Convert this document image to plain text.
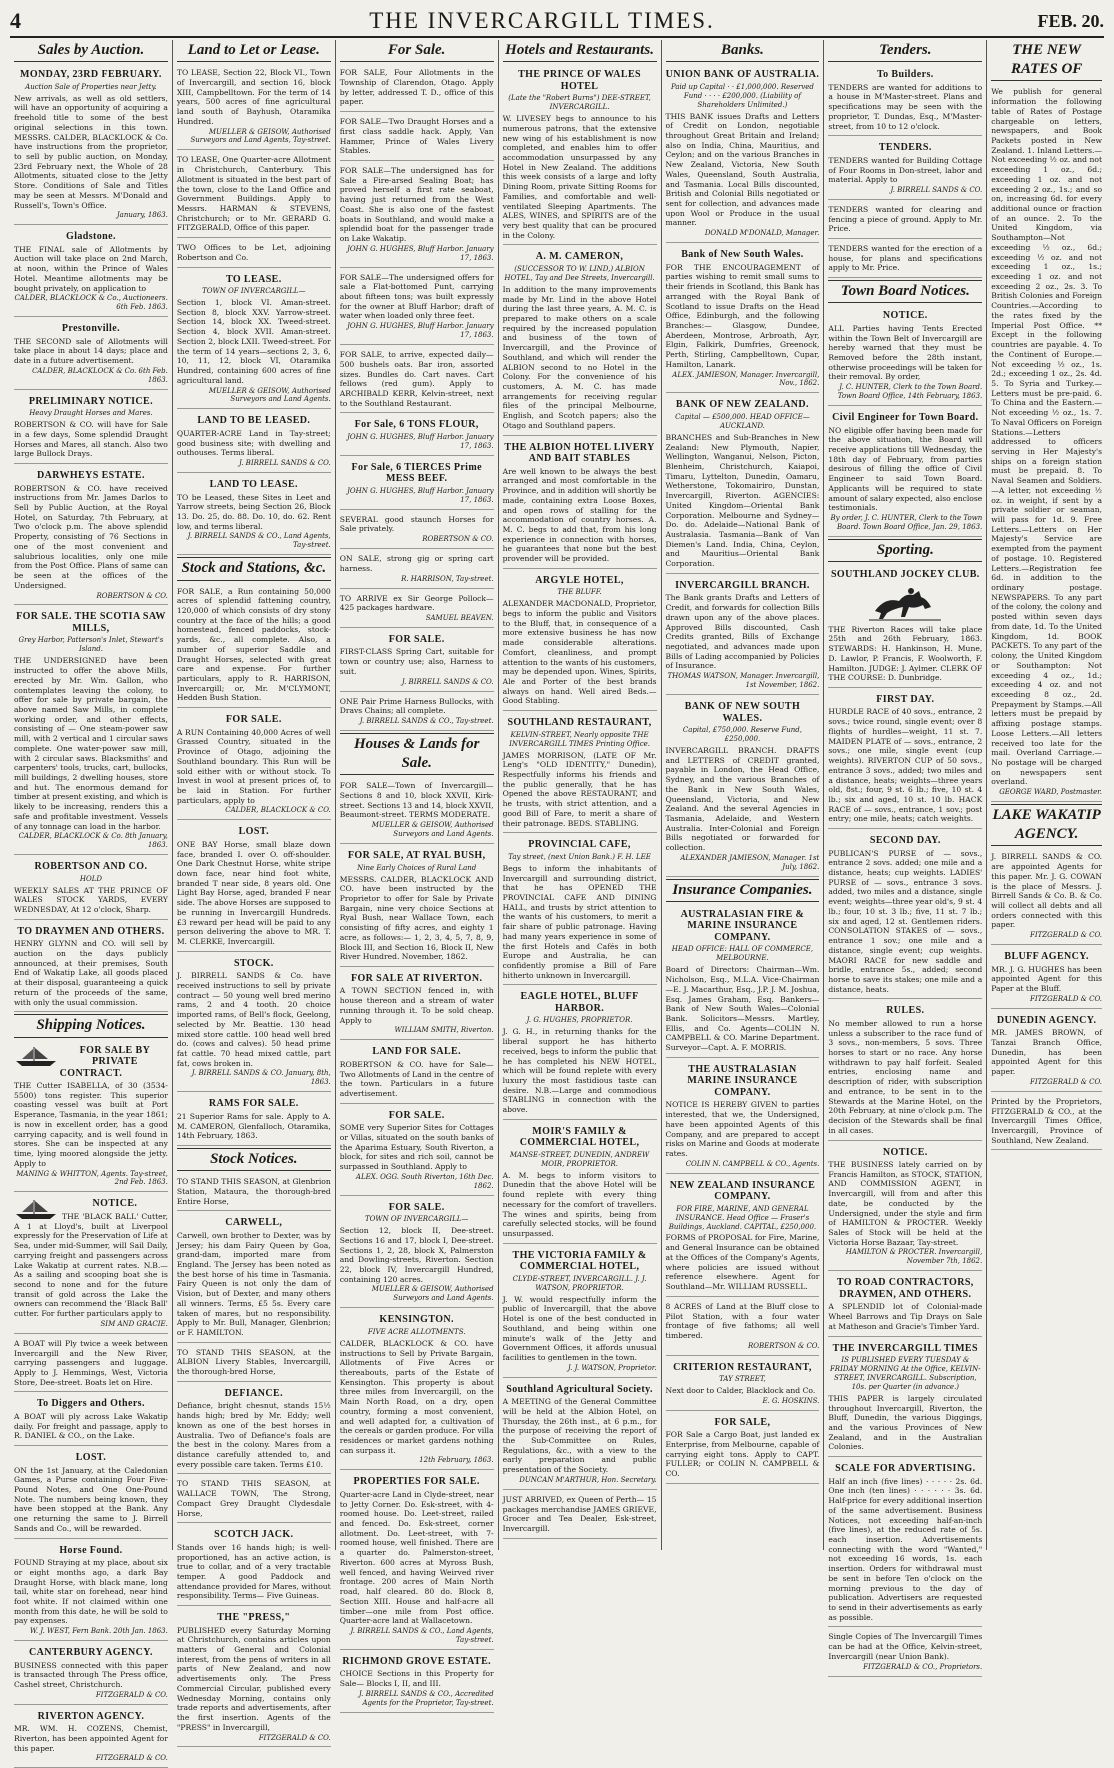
4	THE INVERCARGILL TIMES.	FEB. 20.
Sales by Auction.
MONDAY, 23RD FEBRUARY.
Auction Sale of Properties near Jetty.
New arrivals, as well as old settlers, will have an opportunity of acquiring a freehold title to some of the best original selections in this town. MESSRS. CALDER, BLACKLOCK & Co. have instructions from the proprietor, to sell by public auction, on Monday, 23rd February next, the Whole of 28 Allotments, situated close to the Jetty Store. Conditions of Sale and Titles may be seen at Messrs. M'Donald and Russell's, Town's Office.
January, 1863.
Gladstone.
THE FINAL sale of Allotments by Auction will take place on 2nd March, at noon, within the Prince of Wales Hotel. Meantime allotments may be bought privately, on application to
CALDER, BLACKLOCK & Co., Auctioneers. 6th Feb. 1863.
Prestonville.
THE SECOND sale of Allotments will take place in about 14 days; place and date in a future advertisement.
CALDER, BLACKLOCK & Co. 6th Feb. 1863.
PRELIMINARY NOTICE.
Heavy Draught Horses and Mares.
ROBERTSON & CO. will have for Sale in a few days, Some splendid Draught Horses and Mares, all stanch. Also two large Bullock Drays.
DARWHEYS ESTATE.
ROBERTSON & CO. have received instructions from Mr. James Darlos to Sell by Public Auction, at the Royal Hotel, on Saturday, 7th February, at Two o'clock p.m. The above splendid Property, consisting of 76 Sections in one of the most convenient and salubrious localities, only one mile from the Post Office. Plans of same can be seen at the offices of the Undersigned.
ROBERTSON & CO.
FOR SALE. THE SCOTIA SAW MILLS,
Grey Harbor, Patterson's Inlet, Stewart's Island.
THE UNDERSIGNED have been instructed to offer the above Mills, erected by Mr. Wm. Gallon, who contemplates leaving the colony, to offer for sale by private bargain, the above named Saw Mills, in complete working order, and other effects, consisting of — One steam-power saw mill, with 2 vertical and 1 circular saws complete. One water-power saw mill, with 2 circular saws. Blacksmiths' and carpenters' tools, trucks, cart, bullocks, mill buildings, 2 dwelling houses, store and hut. The enormous demand for timber at present existing, and which is likely to be increasing, renders this a safe and profitable investment. Vessels of any tonnage can load in the harbor.
CALDER, BLACKLOCK & Co. 8th January, 1863.
ROBERTSON AND CO.
HOLD
WEEKLY SALES AT THE PRINCE OF WALES STOCK YARDS, EVERY WEDNESDAY, At 12 o'clock, Sharp.
TO DRAYMEN AND OTHERS.
HENRY GLYNN and CO. will sell by auction on the days publicly announced, at their premises, South End of Wakatip Lake, all goods placed at their disposal, guaranteeing a quick return of the proceeds of the same, with only the usual commission.
Shipping Notices.
FOR SALE BY PRIVATE CONTRACT.
THE Cutter ISABELLA, of 30 (3534-5500) tons register. This superior coasting vessel was built at Port Esperance, Tasmania, in the year 1861; is now in excellent order, has a good carrying capacity, and is well found in stores. She can be inspected at any time, lying moored alongside the jetty. Apply to
MANING & WHITTON, Agents. Tay-street, 2nd Feb. 1863.
NOTICE.
THE 'BLACK BALL' Cutter, A 1 at Lloyd's, built at Liverpool expressly for the Preservation of Life at Sea, under mid-Summer, will Sail Daily, carrying freight and passengers across Lake Wakatip at current rates. N.B.— As a sailing and scooping boat she is second to none and for the future transit of gold across the Lake the owners can recommend the 'Black Ball' cutter. For further particulars apply to
SIM AND GRACIE.
A BOAT will Ply twice a week between Invercargill and the New River, carrying passengers and luggage. Apply to J. Hemmings, West, Victoria Store, Dee-street. Boats let on Hire.
To Diggers and Others.
A BOAT will ply across Lake Wakatip daily. For freight and passage, apply to R. DANIEL & CO., on the Lake.
LOST.
ON the 1st January, at the Caledonian Games, a Purse containing Four Five-Pound Notes, and One One-Pound Note. The numbers being known, they have been stopped at the Bank. Any one returning the same to J. Birrell Sands and Co., will be rewarded.
Horse Found.
FOUND Straying at my place, about six or eight months ago, a dark Bay Draught Horse, with black mane, long tail, white star on forehead, near hind foot white. If not claimed within one month from this date, he will be sold to pay expenses.
W. J. WEST, Fern Bank. 20th Jan. 1863.
CANTERBURY AGENCY.
BUSINESS connected with this paper is transacted through The Press office, Cashel street, Christchurch.
FITZGERALD & CO.
RIVERTON AGENCY.
MR. WM. H. COZENS, Chemist, Riverton, has been appointed Agent for this paper.
FITZGERALD & CO.
Land to Let or Lease.
TO LEASE, Section 22, Block VI., Town of Invercargill, and section 16, block XIII, Campbelltown. For the term of 14 years, 500 acres of fine agricultural land south of Bayhush, Otaramika Hundred.
MUELLER & GEISOW, Authorised Surveyors and Land Agents, Tay-street.
TO LEASE, One Quarter-acre Allotment in Christchurch, Canterbury. This Allotment is situated in the best part of the town, close to the Land Office and Government Buildings. Apply to Messrs. HARMAN & STEVENS, Christchurch; or to Mr. GERARD G. FITZGERALD, Office of this paper.
TWO Offices to be Let, adjoining Robertson and Co.
TO LEASE.
TOWN OF INVERCARGILL—
Section 1, block VI. Aman-street. Section 8, block XXV. Yarrow-street. Section 14, block XX. Tweed-street. Section 4, block XVII. Aman-street. Section 2, block LXII. Tweed-street. For the term of 14 years—sections 2, 3, 6, 10, 11, 12, block VI, Otaramika Hundred, containing 600 acres of fine agricultural land.
MUELLER & GEISOW, Authorised Surveyors and Land Agents.
LAND TO BE LEASED.
QUARTER-ACRE Land in Tay-street; good business site; with dwelling and outhouses. Terms liberal.
J. BIRRELL SANDS & CO.
LAND TO LEASE.
TO be Leased, these Sites in Leet and Yarrow streets, being Section 26, Block 13. Do. 25, do. 88. Do. 10, do. 62. Rent low, and terms liberal.
J. BIRRELL SANDS & CO., Land Agents, Tay-street.
Stock and Stations, &c.
FOR SALE, a Run containing 50,000 acres of splendid fattening country, 120,000 of which consists of dry stony country at the face of the hills; a good homestead, fenced paddocks, stock-yards, &c., all complete. Also, a number of superior Saddle and Draught Horses, selected with great care and expense. For further particulars, apply to R. HARRISON, Invercargill; or, Mr. M'CLYMONT, Hedden Bush Station.
FOR SALE.
A RUN Containing 40,000 Acres of well Grassed Country, situated in the Province of Otago, adjoining the Southland boundary. This Run will be sold either with or without stock. To Invest in wool at present prices of, to be laid in Station. For further particulars, apply to
CALDER, BLACKLOCK & CO.
LOST.
ONE BAY Horse, small blaze down face, branded I. over O. off-shoulder. One Dark Chestnut Horse, white stripe down face, near hind foot white, branded T near side, 8 years old. One Light Bay Horse, aged, branded F near side. The above Horses are supposed to be running in Invercargill Hundreds. £3 reward per head will be paid to any person delivering the above to MR. T. M. CLERKE, Invercargill.
STOCK.
J. BIRRELL SANDS & Co. have received instructions to sell by private contract — 50 young well bred merino rams, 2 and 4 tooth. 20 choice imported rams, of Bell's flock, Geelong, selected by Mr. Beattie. 130 head mixed store cattle. 100 head well bred do. (cows and calves). 50 head prime fat cattle. 70 head mixed cattle, part fat, cows broken in.
J. BIRRELL SANDS & CO. January, 8th, 1863.
RAMS FOR SALE.
21 Superior Rams for sale. Apply to A. M. CAMERON, Glenfalloch, Otaramika, 14th February, 1863.
Stock Notices.
TO STAND THIS SEASON, at Glenbrion Station, Mataura, the thorough-bred Entire Horse,
CARWELL,
Carwell, own brother to Dexter, was by Jersey; his dam Fairy Queen by Goa, grand-dam, imported mare from England. The Jersey has been noted as the best horse of his time in Tasmania. Fairy Queen is not only the dam of Vision, but of Dexter, and many others all winners. Terms, £5 5s. Every care taken of mares, but no responsibility. Apply to Mr. Bull, Manager, Glenbrion; or F. HAMILTON.
TO STAND THIS SEASON, at the ALBION Livery Stables, Invercargill, the thorough-bred Horse,
DEFIANCE.
Defiance, bright chesnut, stands 15½ hands high; bred by Mr. Eddy; well known as one of the best horses in Australia. Two of Defiance's foals are the best in the colony. Mares from a distance carefully attended to, and every possible care taken. Terms £10.
TO STAND THIS SEASON, at WALLACE TOWN, The Strong, Compact Grey Draught Clydesdale Horse,
SCOTCH JACK.
Stands over 16 hands high; is well-proportioned, has an active action, is true to collar, and of a very tractable temper. A good Paddock and attendance provided for Mares, without responsibility. Terms— Five Guineas.
THE "PRESS,"
PUBLISHED every Saturday Morning at Christchurch, contains articles upon matters of General and Colonial interest, from the pens of writers in all parts of New Zealand, and now advertisements only. The Press Commercial Circular, published every Wednesday Morning, contains only trade reports and advertisements, after the first insertion. Agents of the "PRESS" in Invercargill,
FITZGERALD & CO.
For Sale.
FOR SALE, Four Allotments in the Township of Clarendon, Otago. Apply by letter, addressed T. D., office of this paper.
FOR SALE—Two Draught Horses and a first class saddle hack. Apply, Van Hammer, Prince of Wales Livery Stables.
FOR SALE—The undersigned has for Sale a Fire-arsed Sealing Boat; has proved herself a first rate seaboat, having just returned from the West Coast. She is also one of the fastest boats in Southland, and would make a splendid boat for the passenger trade on Lake Wakatip.
JOHN G. HUGHES, Bluff Harbor. January 17, 1863.
FOR SALE—The undersigned offers for sale a Flat-bottomed Punt, carrying about fifteen tons; was built expressly for the owner at Bluff Harbor; draft of water when loaded only three feet.
JOHN G. HUGHES, Bluff Harbor. January 17, 1863.
FOR SALE, to arrive, expected daily— 500 bushels oats. Bar iron, assorted sizes. Bundles do. Cart naves. Cart fellows (red gum). Apply to ARCHIBALD KERR, Kelvin-street, next to the Southland Restaurant.
For Sale, 6 TONS FLOUR,
JOHN G. HUGHES, Bluff Harbor. January 17, 1863.
For Sale, 6 TIERCES Prime MESS BEEF.
JOHN G. HUGHES, Bluff Harbor. January 17, 1863.
SEVERAL good staunch Horses for Sale privately.
ROBERTSON & CO.
ON SALE, strong gig or spring cart harness.
R. HARRISON, Tay-street.
TO ARRIVE ex Sir George Pollock— 425 packages hardware.
SAMUEL BEAVEN.
FOR SALE.
FIRST-CLASS Spring Cart, suitable for town or country use; also, Harness to suit.
J. BIRRELL SANDS & CO.
ONE Pair Prime Harness Bullocks, with Dravs Chains; all complete.
J. BIRRELL SANDS & CO., Tay-street.
Houses & Lands for Sale.
FOR SALE—Town of Invercargill— Sections 8 and 10, block XXVII, Kirk-street. Sections 13 and 14, block XXVII, Beaumont-street. TERMS MODERATE.
MUELLER & GEISOW, Authorised Surveyors and Land Agents.
FOR SALE, AT RYAL BUSH,
Nine Early Choices of Rural Land
MESSRS. CALDER, BLACKLOCK AND CO. have been instructed by the Proprietor to offer for Sale by Private Bargain, nine very choice Sections at Ryal Bush, near Wallace Town, each consisting of fifty acres, and eighty 1 acre, as follows:— 1, 2, 3, 4, 5, 7, 8, 9, Block III, and Section 16, Block II, New River Hundred. November, 1862.
FOR SALE AT RIVERTON.
A TOWN SECTION fenced in, with house thereon and a stream of water running through it. To be sold cheap. Apply to
WILLIAM SMITH, Riverton.
LAND FOR SALE.
ROBERTSON & CO. have for Sale— Two Allotments of Land in the centre of the town. Particulars in a future advertisement.
FOR SALE.
SOME very Superior Sites for Cottages or Villas, situated on the south banks of the Aparima Estuary, South Riverton, a block, for sites and rich soil, cannot be surpassed in Southland. Apply to
ALEX. OGG. South Riverton, 16th Dec. 1862.
FOR SALE.
TOWN OF INVERCARGILL—
Section 12, block II, Dee-street. Sections 16 and 17, block I, Dee-street. Sections 1, 2, 28, block X, Palmerston and Dowling-streets, Riverton. Section 22, block IV, Invercargill Hundred, containing 120 acres.
MUELLER & GEISOW, Authorised Surveyors and Land Agents.
KENSINGTON.
FIVE ACRE ALLOTMENTS.
CALDER, BLACKLOCK & CO. have instructions to Sell by Private Bargain, Allotments of Five Acres or thereabouts, parts of the Estate of Kensington. This property is about three miles from Invercargill, on the Main North Road, on a dry, open country, forming a most convenient, and well adapted for, a cultivation of the cereals or garden produce. For villa residences or market gardens nothing can surpass it.
12th February, 1863.
PROPERTIES FOR SALE.
Quarter-acre Land in Clyde-street, near to Jetty Corner. Do. Esk-street, with 4-roomed house. Do. Leet-street, railed and fenced. Do. Esk-street, corner allotment. Do. Leet-street, with 7-roomed house, well finished. There are a quarter do. Palmerston-street, Riverton. 600 acres at Myross Bush, well fenced, and having Weirved river frontage. 200 acres of Main North road, half cleared. 80 do. Block 8, Section XIII. House and half-acre all timber—one mile from Post office. Quarter-acre land at Wallacetown.
J. BIRRELL SANDS & CO., Land Agents, Tay-street.
RICHMOND GROVE ESTATE.
CHOICE Sections in this Property for Sale— Blocks I, II, and III.
J. BIRRELL SANDS & CO., Accredited Agents for the Proprietor, Tay-street.
Hotels and Restaurants.
THE PRINCE OF WALES HOTEL
(Late the "Robert Burns") DEE-STREET, INVERCARGILL.
W. LIVESEY begs to announce to his numerous patrons, that the extensive new wing of his establishment is now completed, and enables him to offer accommodation unsurpassed by any Hotel in New Zealand. The additions this week consists of a large and lofty Dining Room, private Sitting Rooms for Families, and comfortable and well-ventilated Sleeping Apartments. The ALES, WINES, and SPIRITS are of the very best quality that can be procured in the Colony.
A. M. CAMERON,
(SUCCESSOR TO W. LIND,) ALBION HOTEL, Tay and Dee Streets, Invercargill.
In addition to the many improvements made by Mr. Lind in the above Hotel during the last three years, A. M. C. is prepared to make others on a scale required by the increased population and business of the town of Invercargill, and the Province of Southland, and which will render the ALBION second to no Hotel in the Colony. For the convenience of his customers, A. M. C. has made arrangements for receiving regular files of the principal Melbourne, English, and Scotch papers; also the Otago and Southland papers.
THE ALBION HOTEL LIVERY AND BAIT STABLES
Are well known to be always the best arranged and most comfortable in the Province, and in addition will shortly be made, containing extra Loose Boxes, and open rows of stalling for the accommodation of country horses. A. M. C. begs to add that, from his long experience in connection with horses, he guarantees that none but the best provender will be provided.
ARGYLE HOTEL,
THE BLUFF.
ALEXANDER MACDONALD, Proprietor, begs to inform the public and Visitors to the Bluff, that, in consequence of a more extensive business he has now made considerable alterations. Comfort, cleanliness, and prompt attention to the wants of his customers, may be depended upon. Wines, Spirits, Ale and Porter of the best brands always on hand. Well aired Beds.—Good Stabling.
SOUTHLAND RESTAURANT,
KELVIN-STREET, Nearly opposite THE INVERCARGILL TIMES Printing Office.
JAMES MORRISON, (LATE OF Mr. Leng's "OLD IDENTITY," Dunedin), Respectfully informs his friends and the public generally, that he has Opened the above RESTAURANT, and he trusts, with strict attention, and a good Bill of Fare, to merit a share of their patronage. BEDS. STABLING.
PROVINCIAL CAFE,
Tay street, (next Union Bank.) F. H. LEE
Begs to inform the inhabitants of Invercargill and surrounding district, that he has OPENED THE PROVINCIAL CAFE AND DINING HALL, and trusts by strict attention to the wants of his customers, to merit a fair share of public patronage. Having had many years experience in some of the first Hotels and Cafés in both Europe and Australia, he can confidently promise a Bill of Fare hitherto unknown in Invercargill.
EAGLE HOTEL, BLUFF HARBOR.
J. G. HUGHES, PROPRIETOR.
J. G. H., in returning thanks for the liberal support he has hitherto received, begs to inform the public that he has completed his NEW HOTEL, which will be found replete with every luxury the most fastidious taste can desire. N.B.—Large and commodious STABLING in connection with the above.
MOIR'S FAMILY & COMMERCIAL HOTEL,
MANSE-STREET, DUNEDIN, ANDREW MOIR, PROPRIETOR.
A. M. begs to inform visitors to Dunedin that the above Hotel will be found replete with every thing necessary for the comfort of travellers. The wines and spirits, being from carefully selected stocks, will be found unsurpassed.
THE VICTORIA FAMILY & COMMERCIAL HOTEL,
CLYDE-STREET, INVERCARGILL. J. J. WATSON, PROPRIETOR.
J. W. would respectfully inform the public of Invercargill, that the above Hotel is one of the best conducted in Southland, and being within one minute's walk of the Jetty and Government Offices, it affords unusual facilities to gentlemen in the town.
J. J. WATSON, Proprietor.
Southland Agricultural Society.
A MEETING of the General Committee will be held at the Albion Hotel, on Thursday, the 26th inst., at 6 p.m., for the purpose of receiving the report of the Sub-Committee on Rules, Regulations, &c., with a view to the early preparation and public presentation of the Society.
DUNCAN M'ARTHUR, Hon. Secretary.
JUST ARRIVED, ex Queen of Perth— 15 packages merchandise JAMES GRIEVE, Grocer and Tea Dealer, Esk-street, Invercargill.
Banks.
UNION BANK OF AUSTRALIA.
Paid up Capital · · £1,000,000. Reserved Fund · · · · £200,000. (Liability of Shareholders Unlimited.)
THIS BANK issues Drafts and Letters of Credit on London, negotiable throughout Great Britain and Ireland; also on India, China, Mauritius, and Ceylon; and on the various Branches in New Zealand, Victoria, New South Wales, Queensland, South Australia, and Tasmania. Local Bills discounted, British and Colonial Bills negotiated or sent for collection, and advances made upon Wool or Produce in the usual manner.
DONALD M'DONALD, Manager.
Bank of New South Wales.
FOR THE ENCOURAGEMENT of parties wishing to remit small sums to their friends in Scotland, this Bank has arranged with the Royal Bank of Scotland to issue Drafts on the Head Office, Edinburgh, and the following Branches:— Glasgow, Dundee, Aberdeen, Montrose, Arbroath, Ayr, Elgin, Falkirk, Dumfries, Greenock, Perth, Stirling, Campbelltown, Cupar, Hamilton, Lanark.
ALEX. JAMIESON, Manager. Invercargill, Nov., 1862.
BANK OF NEW ZEALAND.
Capital — £500,000. HEAD OFFICE—AUCKLAND.
BRANCHES and Sub-Branches in New Zealand: New Plymouth, Napier, Wellington, Wanganui, Nelson, Picton, Blenheim, Christchurch, Kaiapoi, Timaru, Lyttelton, Dunedin, Oamaru, Wetherstone, Tokomairiro, Dunstan, Invercargill, Riverton. AGENCIES: United Kingdom—Oriental Bank Corporation. Melbourne and Sydney—Do. do. Adelaide—National Bank of Australasia. Tasmania—Bank of Van Diemen's Land. India, China, Ceylon, and Mauritius—Oriental Bank Corporation.
INVERCARGILL BRANCH.
The Bank grants Drafts and Letters of Credit, and forwards for collection Bills drawn upon any of the above places. Approved Bills discounted, Cash Credits granted, Bills of Exchange negotiated, and advances made upon Bills of Lading accompanied by Policies of Insurance.
THOMAS WATSON, Manager. Invercargill, 1st November, 1862.
BANK OF NEW SOUTH WALES.
Capital, £750,000. Reserve Fund, £250,000.
INVERCARGILL BRANCH. DRAFTS and LETTERS of CREDIT granted, payable in London, the Head Office, Sydney, and the various Branches of the Bank in New South Wales, Queensland, Victoria, and New Zealand. And the several Agencies in Tasmania, Adelaide, and Western Australia. Inter-Colonial and Foreign Bills negotiated or forwarded for collection.
ALEXANDER JAMIESON, Manager. 1st July, 1862.
Insurance Companies.
AUSTRALASIAN FIRE & MARINE INSURANCE COMPANY.
HEAD OFFICE: HALL OF COMMERCE, MELBOURNE.
Board of Directors: Chairman—Wm. Nicholson, Esq., M.L.A. Vice-Chairman—E. J. Macarthur, Esq., J.P. J. M. Joshua, Esq. James Graham, Esq. Bankers—Bank of New South Wales—Colonial Bank. Solicitors—Messrs. Martley, Ellis, and Co. Agents—COLIN N. CAMPBELL & CO. Marine Department. Surveyor—Capt. A. F. MORRIS.
THE AUSTRALASIAN MARINE INSURANCE COMPANY.
NOTICE IS HEREBY GIVEN to parties interested, that we, the Undersigned, have been appointed Agents of this Company, and are prepared to accept risks on Marine and Goods at moderate rates.
COLIN N. CAMPBELL & CO., Agents.
NEW ZEALAND INSURANCE COMPANY.
FOR FIRE, MARINE, AND GENERAL INSURANCE. Head Office — Fraser's Buildings, Auckland. CAPITAL, £250,000.
FORMS of PROPOSAL for Fire, Marine, and General Insurance can be obtained at the Offices of the Company's Agents, where policies are issued without reference elsewhere. Agent for Southland—Mr. WILLIAM RUSSELL.
8 ACRES of Land at the Bluff close to Pilot Station, with a four water frontage of five fathoms; all well timbered.
ROBERTSON & CO.
CRITERION RESTAURANT,
TAY STREET,
Next door to Calder, Blacklock and Co.
E. G. HOSKINS.
FOR SALE,
FOR Sale a Cargo Boat, just landed ex Enterprise, from Melbourne, capable of carrying eight tons. Apply to CAPT. FULLER; or COLIN N. CAMPBELL & CO.
Tenders.
To Builders.
TENDERS are wanted for additions to a house in M'Master-street. Plans and specifications may be seen with the proprietor, T. Dundas, Esq., M'Master-street, from 10 to 12 o'clock.
TENDERS.
TENDERS wanted for Building Cottage of Four Rooms in Don-street, labor and material. Apply to
J. BIRRELL SANDS & CO.
TENDERS wanted for clearing and fencing a piece of ground. Apply to Mr. Price.
TENDERS wanted for the erection of a house, for plans and specifications apply to Mr. Price.
Town Board Notices.
NOTICE.
ALL Parties having Tents Erected within the Town Belt of Invercargill are hereby warned that they must be Removed before the 28th instant, otherwise proceedings will be taken for their removal. By order,
J. C. HUNTER, Clerk to the Town Board. Town Board Office, 14th February, 1863.
Civil Engineer for Town Board.
NO eligible offer having been made for the above situation, the Board will receive applications till Wednesday, the 18th day of February, from parties desirous of filling the office of Civil Engineer to said Town Board. Applicants will be required to state amount of salary expected, also enclose testimonials.
By order, J. C. HUNTER, Clerk to the Town Board. Town Board Office, Jan. 29, 1863.
Sporting.
SOUTHLAND JOCKEY CLUB.
THE Riverton Races will take place 25th and 26th February, 1863. STEWARDS: H. Hankinson, H. Mune, D. Lawlor, P. Francis, F. Woolworth, F. Hamilton. JUDGE: J. Aylmer. CLERK OF THE COURSE: D. Dunbridge.
FIRST DAY.
HURDLE RACE of 40 sovs., entrance, 2 sovs.; twice round, single event; over 8 flights of hurdles—weight, 11 st. 7. MAIDEN PLATE of — sovs., entrance, 2 sovs.; one mile, single event (cup weights). RIVERTON CUP of 50 sovs., entrance 3 sovs., added; two miles and a distance, heats; weights—three years old, 8st.; four, 9 st. 6 lb.; five, 10 st. 4 lb.; six and aged, 10 st. 10 lb. HACK RACE of — sovs., entrance, 1 sov.; post entry; one mile, heats; catch weights.
SECOND DAY.
PUBLICAN'S PURSE of — sovs., entrance 2 sovs. added; one mile and a distance, heats; cup weights. LADIES' PURSE of — sovs., entrance 3 sovs. added, two miles and a distance, single event; weights—three year old's, 9 st. 4 lb.; four, 10 st. 3 lb.; five, 11 st. 7 lb.; six and aged, 12 st. Gentlemen riders. CONSOLATION STAKES of — sovs., entrance 1 sov.; one mile and a distance, single event; cup weights. MAORI RACE for new saddle and bridle, entrance 5s., added; second horse to save its stakes; one mile and a distance, heats.
RULES.
No member allowed to run a horse unless a subscriber to the race fund of 3 sovs., non-members, 5 sovs. Three horses to start or no race. Any horse withdrawn to pay half forfeit. Sealed entries, enclosing name and description of rider, with subscription and entrance, to be sent in to the Stewards at the Marine Hotel, on the 20th February, at nine o'clock p.m. The decision of the Stewards shall be final in all cases.
NOTICE.
THE BUSINESS lately carried on by Francis Hamilton, as STOCK, STATION, AND COMMISSION AGENT, in Invercargill, will from and after this date, be conducted by the Undersigned, under the style and firm of HAMILTON & PROCTER. Weekly Sales of Stock will be held at the Victoria Horse Bazaar, Tay-street.
HAMILTON & PROCTER. Invercargill, November 7th, 1862.
TO ROAD CONTRACTORS, DRAYMEN, AND OTHERS.
A SPLENDID lot of Colonial-made Wheel Barrows and Tip Drays on Sale at Matheson and Gracie's Timber Yard.
THE INVERCARGILL TIMES
IS PUBLISHED EVERY TUESDAY & FRIDAY MORNING At the Office, KELVIN-STREET, INVERCARGILL. Subscription, 10s. per Quarter (in advance.)
THIS PAPER is largely circulated throughout Invercargill, Riverton, the Bluff, Dunedin, the various Diggings, and the various Provinces of New Zealand, and in the Australian Colonies.
SCALE FOR ADVERTISING.
Half an inch (five lines) · · · · · 2s. 6d. One inch (ten lines) · · · · · · 3s. 6d. Half-price for every additional insertion of the same advertisement. Business Notices, not exceeding half-an-inch (five lines), at the reduced rate of 5s. each insertion. Advertisements connecting with the word "Wanted," not exceeding 16 words, 1s. each insertion. Orders for withdrawal must be sent in before Ten o'clock on the morning previous to the day of publication. Advertisers are requested to send in their advertisements as early as possible.
Single Copies of The Invercargill Times can be had at the Office, Kelvin-street, Invercargill (near Union Bank).
FITZGERALD & CO., Proprietors.
THE NEW RATES OF
We publish for general information the following table of Rates of Postage chargeable on letters, newspapers, and Book Packets posted in New Zealand. 1. Inland Letters.—Not exceeding ½ oz. and not exceeding 1 oz., 6d.; exceeding 1 oz. and not exceeding 2 oz., 1s.; and so on, increasing 6d. for every additional ounce or fraction of an ounce. 2. To the United Kingdom, via Southampton—Not exceeding ½ oz., 6d.; exceeding ½ oz. and not exceeding 1 oz., 1s.; exceeding 1 oz. and not exceeding 2 oz., 2s. 3. To British Colonies and Foreign Countries.—According to the rates fixed by the Imperial Post Office. ** Except in the following countries are payable. 4. To the Continent of Europe.—Not exceeding ½ oz., 1s. 2d.; exceeding 1 oz., 2s. 4d. 5. To Syria and Turkey.—Letters must be pre-paid. 6. To China and the Eastern.—Not exceeding ½ oz., 1s. 7. To Naval Officers on Foreign Stations.—Letters addressed to officers serving in Her Majesty's ships on a foreign station must be prepaid. 8. To Naval Seamen and Soldiers.—A letter, not exceeding ½ oz. in weight, if sent by a private soldier or seaman, will pass for 1d. 9. Free Letters.—Letters on Her Majesty's Service are exempted from the payment of postage. 10. Registered Letters.—Registration fee 6d. in addition to the ordinary postage. NEWSPAPERS. To any part of the colony, the colony and posted within seven days from date, 1d. To the United Kingdom, 1d. BOOK PACKETS. To any part of the colony, the United Kingdom or Southampton: Not exceeding 4 oz., 1d.; exceeding 4 oz. and not exceeding 8 oz., 2d. Prepayment by Stamps.—All letters must be prepaid by affixing postage stamps. Loose Letters.—All letters received too late for the mail. Overland Carriage.—No postage will be charged on newspapers sent overland.
GEORGE WARD, Postmaster.
LAKE WAKATIP AGENCY.
J. BIRRELL SANDS & CO. are appointed Agents for this paper. Mr. J. G. COWAN is the place of Messrs. J. Birrell Sands & Co. B. & Co. will collect all debts and all orders connected with this paper.
FITZGERALD & CO.
BLUFF AGENCY.
MR. J. G. HUGHES has been appointed Agent for this Paper at the Bluff.
FITZGERALD & CO.
DUNEDIN AGENCY.
MR. JAMES BROWN, of Tanzai Branch Office, Dunedin, has been appointed Agent for this paper.
FITZGERALD & CO.
Printed by the Proprietors, FITZGERALD & CO., at the Invercargill Times Office, Invercargill, Province of Southland, New Zealand.
